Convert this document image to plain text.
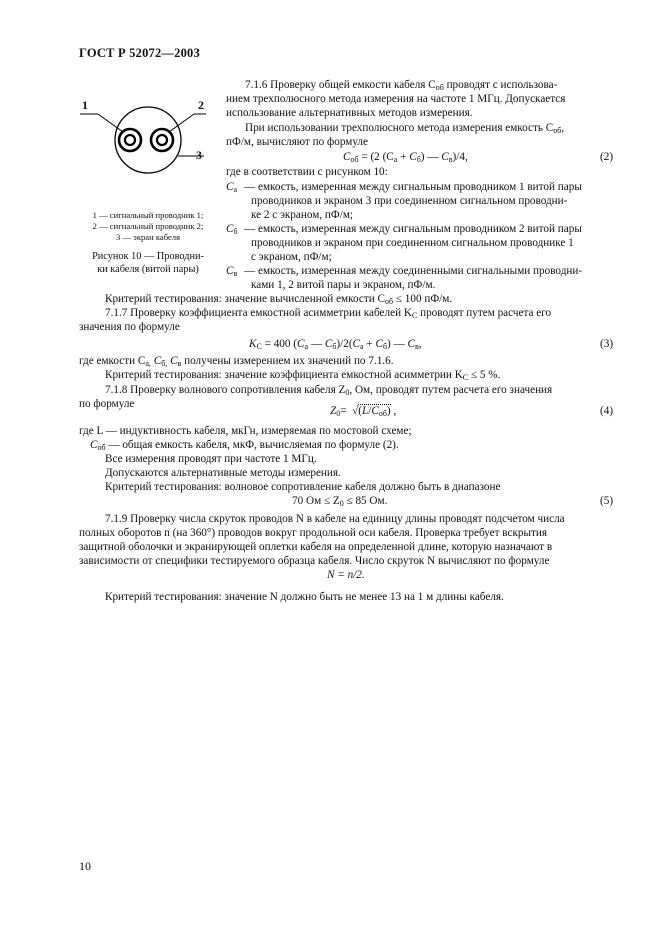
ГОСТ Р 52072—2003
1	2
3
1 — сигнальный проводник 1;
2 — сигнальный проводник 2;
3 — экран кабеля
Рисунок 10 — Проводни-
ки кабеля (витой пары)
7.1.6 Проверку общей емкости кабеля $C_{об}$ проводят с использова-
нием трехполюсного метода измерения на частоте 1 МГц. Допускается
использование альтернативных методов измерения.
При использовании трехполюсного метода измерения емкость $C_{об}$,
пФ/м, вычисляют по формуле
$C_{об} = (2$ $(C_а + C_б)$ — $C_в)/4$,	(2)
где в соответствии с рисунком 10:
$C_а$ — емкость, измеренная между сигнальным проводником 1 витой пары
проводников и экраном 3 при соединенном сигнальном проводни-
ке 2 с экраном, пФ/м;
$C_б$ — емкость, измеренная между сигнальным проводником 2 витой пары
проводников и экраном при соединенном сигнальном проводнике 1
с экраном, пФ/м;
$C_в$ — емкость, измеренная между соединенными сигнальными проводни-
ками 1, 2 витой пары и экраном, пФ/м.
Критерий тестирования: значение вычисленной емкости $C_{об} \le 100$ пФ/м.
7.1.7 Проверку коэффициента емкостной асимметрии кабелей $K_C$ проводят путем расчета его
значения по формуле
$K_C = 400$ ($C_а$ — $C_б)/2(C_а + C_б)$ — $C_в$,	(3)
где емкости $C_{а,}$ $C_{б,}$ $C_в$ получены измерением их значений по 7.1.6.
Критерий тестирования: значение коэффициента емкостной асимметрии $K_C \le 5$ %.
7.1.8 Проверку волнового сопротивления кабеля $Z_0$, Ом, проводят путем расчета его значения
по формуле
$Z_0= √(L/C_{об})$ ,	(4)
где L — индуктивность кабеля, мкГн, измеряемая по мостовой схеме;
$C_{об}$ — общая емкость кабеля, мкФ, вычисляемая по формуле (2).
Все измерения проводят при частоте 1 МГц.
Допускаются альтернативные методы измерения.
Критерий тестирования: волновое сопротивление кабеля должно быть в диапазоне
70 Ом ≤ $Z_0 \le 85$ Ом.	(5)
7.1.9 Проверку числа скруток проводов N в кабеле на единицу длины проводят подсчетом числа
полных оборотов n (на 360°) проводов вокруг продольной оси кабеля. Проверка требует вскрытия
защитной оболочки и экранирующей оплетки кабеля на определенной длине, которую назначают в
зависимости от специфики тестируемого образца кабеля. Число скруток N вычисляют по формуле
N = n/2.
Критерий тестирования: значение N должно быть не менее 13 на 1 м длины кабеля.
10
